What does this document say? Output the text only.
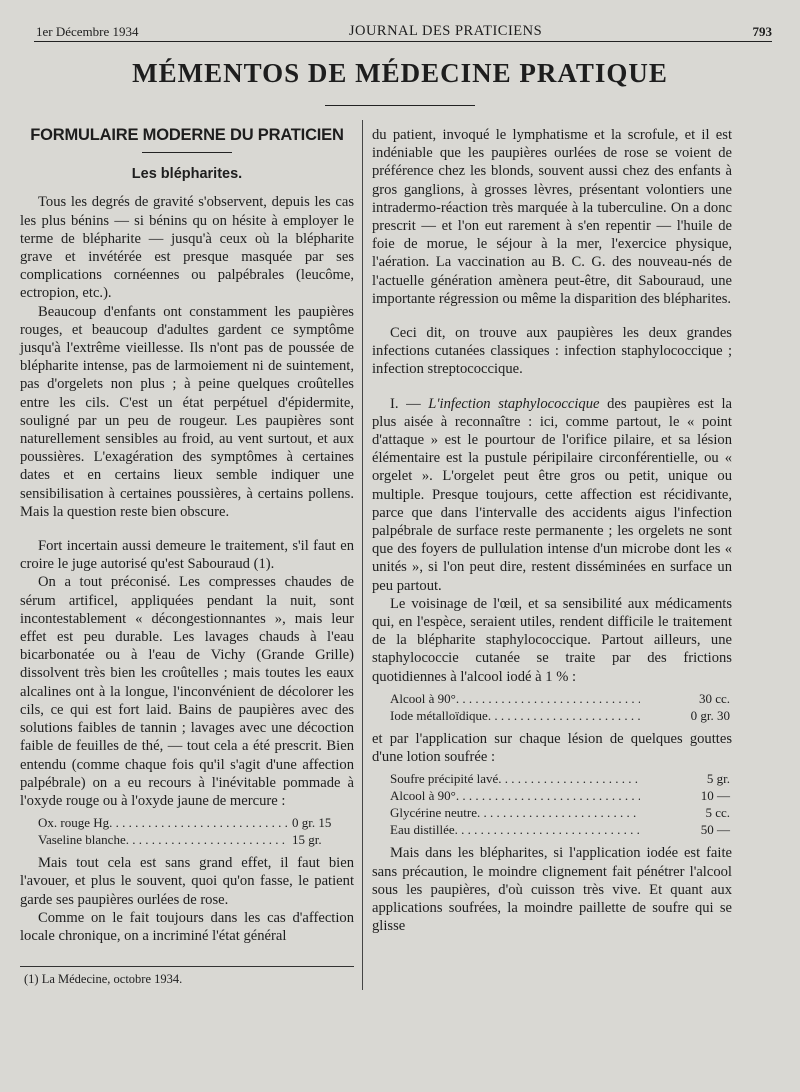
1er Décembre 1934	JOURNAL DES PRATICIENS	793
MÉMENTOS DE MÉDECINE PRATIQUE
FORMULAIRE MODERNE DU PRATICIEN
Les blépharites.

Tous les degrés de gravité s'observent, depuis les cas les plus bénins — si bénins qu on hésite à employer le terme de blépharite — jusqu'à ceux où la blépharite grave et invétérée est presque masquée par ses complications cornéennes ou palpébrales (leucôme, ectropion, etc.).

Beaucoup d'enfants ont constamment les paupières rouges, et beaucoup d'adultes gardent ce symptôme jusqu'à l'extrême vieillesse. Ils n'ont pas de poussée de blépharite intense, pas de larmoiement ni de suintement, pas d'orgelets non plus ; à peine quelques croûtelles entre les cils. C'est un état perpétuel d'épidermite, souligné par un peu de rougeur. Les paupières sont naturellement sensibles au froid, au vent surtout, et aux poussières. L'exagération des symptômes à certaines dates et en certains lieux semble indiquer une sensibilisation à certaines poussières, à certains pollens. Mais la question reste bien obscure.

Fort incertain aussi demeure le traitement, s'il faut en croire le juge autorisé qu'est Sabouraud (1).

On a tout préconisé. Les compresses chaudes de sérum artificel, appliquées pendant la nuit, sont incontestablement « décongestionnantes », mais leur effet est peu durable. Les lavages chauds à l'eau bicarbonatée ou à l'eau de Vichy (Grande Grille) dissolvent très bien les croûtelles ; mais toutes les eaux alcalines ont à la longue, l'inconvénient de décolorer les cils, ce qui est fort laid. Bains de paupières avec des solutions faibles de tannin ; lavages avec une décoction faible de feuilles de thé, — tout cela a été prescrit. Bien entendu (comme chaque fois qu'il s'agit d'une affection palpébrale) on a eu recours à l'inévitable pommade à l'oxyde rouge ou à l'oxyde jaune de mercure :

Ox. rouge Hg . . .	0 gr. 15
Vaseline blanche . . .	15 gr.

Mais tout cela est sans grand effet, il faut bien l'avouer, et plus le souvent, quoi qu'on fasse, le patient garde ses paupières ourlées de rose.

Comme on le fait toujours dans les cas d'affection locale chronique, on a incriminé l'état général

(1) La Médecine, octobre 1934.

du patient, invoqué le lymphatisme et la scrofule, et il est indéniable que les paupières ourlées de rose se voient de préférence chez les blonds, souvent aussi chez des enfants à gros ganglions, à grosses lèvres, présentant volontiers une intradermo-réaction très marquée à la tuberculine. On a donc prescrit — et l'on eut rarement à s'en repentir — l'huile de foie de morue, le séjour à la mer, l'exercice physique, l'aération. La vaccination au B. C. G. des nouveau-nés de l'actuelle génération amènera peut-être, dit Sabouraud, une importante régression ou même la disparition des blépharites.

Ceci dit, on trouve aux paupières les deux grandes infections cutanées classiques : infection staphylococcique ; infection streptococcique.

I. — L'infection staphylococcique des paupières est la plus aisée à reconnaître : ici, comme partout, le « point d'attaque » est le pourtour de l'orifice pilaire, et sa lésion élémentaire est la pustule péripilaire circonférentielle, ou « orgelet ». L'orgelet peut être gros ou petit, unique ou multiple. Presque toujours, cette affection est récidivante, parce que dans l'intervalle des accidents aigus l'infection palpébrale de surface reste permanente ; les orgelets ne sont que des foyers de pullulation intense d'un microbe dont les « unités », si l'on peut dire, restent disséminées en surface un peu partout.

Le voisinage de l'œil, et sa sensibilité aux médicaments qui, en l'espèce, seraient utiles, rendent difficile le traitement de la blépharite staphylococcique. Partout ailleurs, une staphylococcie cutanée se traite par des frictions quotidiennes à l'alcool iodé à 1 % :

Alcool à 90° . . .	30 cc.
Iode métalloïdique . . .	0 gr. 30

et par l'application sur chaque lésion de quelques gouttes d'une lotion soufrée :

Soufre précipité lavé . . .	5 gr.
Alcool à 90° . . .	10 —
Glycérine neutre . . .	5 cc.
Eau distillée . . .	50 —

Mais dans les blépharites, si l'application iodée est faite sans précaution, le moindre clignement fait pénétrer l'alcool sous les paupières, d'où cuisson très vive. Et quant aux applications soufrées, la moindre paillette de soufre qui se glisse
